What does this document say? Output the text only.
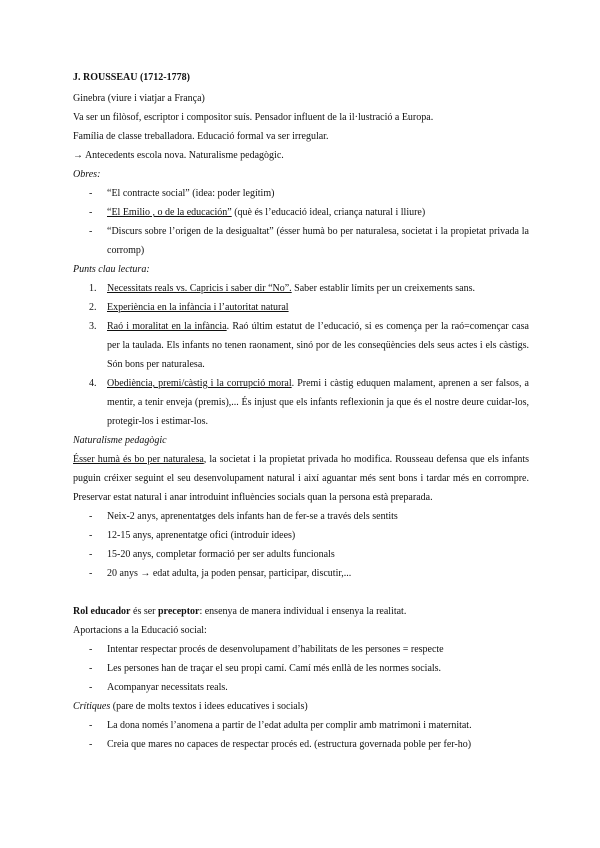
J. ROUSSEAU (1712-1778)

Ginebra (viure i viatjar a França)

Va ser un filòsof, escriptor i compositor suís. Pensador influent de la il·lustració a Europa.

Família de classe treballadora. Educació formal va ser irregular.

→ Antecedents escola nova. Naturalisme pedagògic.

Obres:

- “El contracte social” (idea: poder legítim)
- “El Emilio , o de la educación” (què és l’educació ideal, criança natural i lliure)
- “Discurs sobre l’origen de la desigualtat” (ésser humà bo per naturalesa, societat i la propietat privada la corromp)

Punts clau lectura:

1. Necessitats reals vs. Capricis i saber dir “No”. Saber establir límits per un creixements sans.
2. Experiència en la infància i l’autoritat natural
3. Raó i moralitat en la infància. Raó últim estatut de l’educació, si es comença per la raó=començar casa per la taulada. Els infants no tenen raonament, sinó por de les conseqüències dels seus actes i els càstigs. Són bons per naturalesa.
4. Obediència, premi/càstig i la corrupció moral. Premi i càstig eduquen malament, aprenen a ser falsos, a mentir, a tenir enveja (premis),... És injust que els infants reflexionin ja que és el nostre deure cuidar-los, protegir-los i estimar-los.

Naturalisme pedagògic

Ésser humà és bo per naturalesa, la societat i la propietat privada ho modifica. Rousseau defensa que els infants puguin créixer seguint el seu desenvolupament natural i així aguantar més sent bons i tardar més en corrompre. Preservar estat natural i anar introduint influències socials quan la persona està preparada.

- Neix-2 anys, aprenentatges dels infants han de fer-se a través dels sentits
- 12-15 anys, aprenentatge ofici (introduir idees)
- 15-20 anys, completar formació per ser adults funcionals
- 20 anys → edat adulta, ja poden pensar, participar, discutir,...

Rol educador és ser preceptor: ensenya de manera individual i ensenya la realitat.

Aportacions a la Educació social:

- Intentar respectar procés de desenvolupament d’habilitats de les persones = respecte
- Les persones han de traçar el seu propi camí. Camí més enllà de les normes socials.
- Acompanyar necessitats reals.

Crítiques (pare de molts textos i idees educatives i socials)

- La dona només l’anomena a partir de l’edat adulta per complir amb matrimoni i maternitat.
- Creia que mares no capaces de respectar procés ed. (estructura governada poble per fer-ho)
